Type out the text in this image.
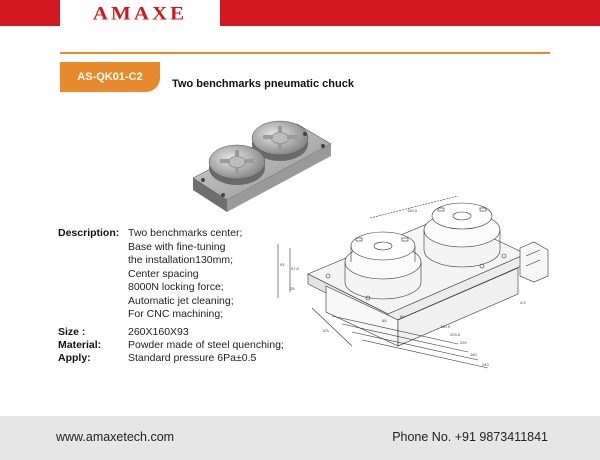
AMAXE
AS-QK01-C2
Two benchmarks pneumatic chuck
150.5
93
97.8
65
60
180.5
203.5
220
25
160
240
125
4.5
Description: Two benchmarks center;
Base with fine-tuning
the installation130mm;
Center spacing
8000N locking force;
Automatic jet cleaning;
For CNC machining;
Size :	260X160X93
Material:	Powder made of steel quenching;
Apply:	Standard pressure 6Pa±0.5
www.amaxetech.com	Phone No. +91 9873411841
